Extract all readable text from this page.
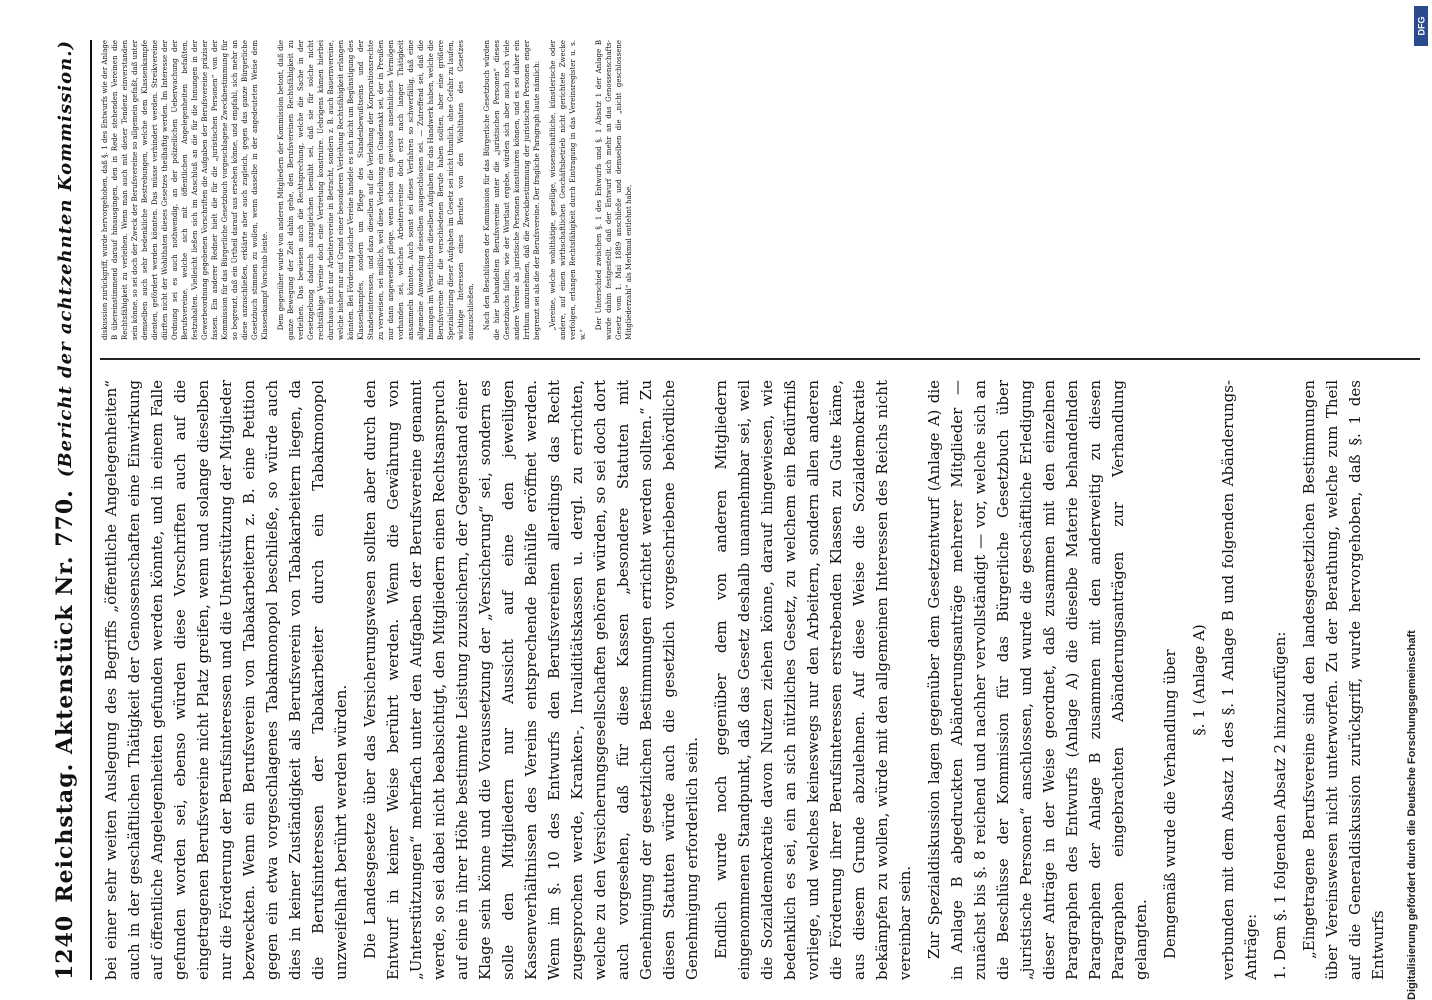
1240
Reichstag. Aktenstück Nr. 770.
(Bericht der achtzehnten Kommission.)

bei einer sehr weiten Auslegung des Begriffs „öffentliche Angelegenheiten“ auch in der geschäftlichen Thätigkeit der Genossenschaften eine Einwirkung auf öffentliche Angelegenheiten gefunden werden könnte, und in einem Falle gefunden worden sei, ebenso würden diese Vorschriften auch auf die eingetragenen Berufsvereine nicht Platz greifen, wenn und solange dieselben nur die Förderung der Berufsinteressen und die Unterstützung der Mitglieder bezweckten. Wenn ein Berufsverein von Tabakarbeitern z. B. eine Petition gegen ein etwa vorgeschlagenes Tabakmonopol beschließe, so würde auch dies in keiner Zuständigkeit als Berufsverein von Tabakarbeitern liegen, da die Berufsinteressen der Tabakarbeiter durch ein Tabakmonopol unzweifelhaft berührt werden würden. Die Landesgesetze über das Versicherungswesen sollten aber durch den Entwurf in keiner Weise berührt werden. Wenn die Gewährung von „Unterstützungen“ mehrfach unter den Aufgaben der Berufsvereine genannt werde, so sei dabei nicht beabsichtigt, den Mitgliedern einen Rechtsanspruch auf eine in ihrer Höhe bestimmte Leistung zuzusichern, der Gegenstand einer Klage sein könne und die Voraussetzung der „Versicherung“ sei, sondern es solle den Mitgliedern nur Aussicht auf eine den jeweiligen Kassenverhältnissen des Vereins entsprechende Beihülfe eröffnet werden. Wenn im §. 10 des Entwurfs den Berufsvereinen allerdings das Recht zugesprochen werde, Kranken-, Invaliditätskassen u. dergl. zu errichten, welche zu den Versicherungsgesellschaften gehören würden, so sei doch dort auch vorgesehen, daß für diese Kassen „besondere Statuten mit Genehmigung der gesetzlichen Bestimmungen errichtet werden sollten.“ Zu diesen Statuten würde auch die gesetzlich vorgeschriebene behördliche Genehmigung erforderlich sein. Endlich wurde noch gegenüber dem von anderen Mitgliedern eingenommenen Standpunkt, daß das Gesetz deshalb unannehmbar sei, weil die Sozialdemokratie davon Nutzen ziehen könne, darauf hingewiesen, wie bedenklich es sei, ein an sich nützliches Gesetz, zu welchem ein Bedürfniß vorliege, und welches keineswegs nur den Arbeitern, sondern allen anderen die Förderung ihrer Berufsinteressen erstrebenden Klassen zu Gute käme, aus diesem Grunde abzulehnen. Auf diese Weise die Sozialdemokratie bekämpfen zu wollen, würde mit den allgemeinen Interessen des Reichs nicht vereinbar sein. Zur Spezialdiskussion lagen gegenüber dem Gesetzentwurf (Anlage A) die in Anlage B abgedruckten Abänderungsanträge mehrerer Mitglieder — zunächst bis §. 8 reichend und nachher vervollständigt — vor, welche sich an die Beschlüsse der Kommission für das Bürgerliche Gesetzbuch über „juristische Personen“ anschlossen, und wurde die geschäftliche Erledigung dieser Anträge in der Weise geordnet, daß zusammen mit den einzelnen Paragraphen des Entwurfs (Anlage A) die dieselbe Materie behandelnden Paragraphen der Anlage B zusammen mit den anderweitig zu diesen Paragraphen eingebrachten Abänderungsanträgen zur Verhandlung gelangten. Demgemäß wurde die Verhandlung über §. 1 (Anlage A) verbunden mit dem Absatz 1 des §. 1 Anlage B und folgenden Abänderungs-Anträge: 1. Dem §. 1 folgenden Absatz 2 hinzuzufügen: „Eingetragene Berufsvereine sind den landesgesetzlichen Bestimmungen über Vereinswesen nicht unterworfen. Zu der Berathung, welche zum Theil auf die Generaldiskussion zurückgriff, wurde hervorgehoben, daß §. 1 des Entwurfs

diskussion zurückgriff, wurde hervorgehoben, daß §. 1 des Entwurfs wie der Anlage B übereinstimmend darauf hinausgingen, den in Rede stehenden Vereinen die Rechtsfähigkeit zu verleihen. Wenn man auch mit dieser Tendenz einverstanden sein könne, so sei doch der Zweck der Berufsvereine so allgemein gefaßt, daß unter demselben auch sehr bedenkliche Bestrebungen, welche dem Klassenkampfe dienten, gefördert werden könnten. Das müsse verhindert werden. Streikvereine dürften nicht der Wohlthaten dieses Gesetzes theilhaftig werden. Im Interesse der Ordnung sei es auch nothwendig, an der polizeilichen Ueberwachung der Berufsvereine, welche sich mit öffentlichen Angelegenheiten befaßten, festzuhalten. Vielleicht ließen sich im Anschluß an die für die Innungen in der Gewerbeordnung gegebenen Vorschriften die Aufgaben der Berufsvereine präziser fassen. Ein anderer Redner hielt die für die „juristischen Personen“ von der Kommission für das Bürgerliche Gesetzbuch vorgeschlagene Zweckbestimmung für so begrenzt, daß ein Urtheil darauf aus ersehen könne, und empfahl, sich mehr an diese anzuschließen, erklärte aber auch zugleich, gegen das ganze Bürgerliche Gesetzbuch stimmen zu wollen, wenn dasselbe in der angedeuteten Weise dem Klassenkampf Vorschub leiste. Dem gegenüber wurde von anderen Mitgliedern der Kommission betont, daß die ganze Bewegung der Zeit dahin gehe, den Berufsvereinen Rechtsfähigkeit zu verleihen. Das bewiesen auch die Rechtsprechung, welche die Sache in der Gesetzgebung dadurch auszugleichen bemüht sei, daß sie für solche nicht rechtsfähige Vereine doch eine Vertretung konstruire. Uebrigens kämen hierbei durchaus nicht nur Arbeitervereine in Betracht, sondern z. B. auch Bauernvereine, welche bisher nur auf Grund einer besonderen Verleihung Rechtsfähigkeit erlangen könnten. Bei Förderung solcher Vereine handele es sich nicht um Begünstigung des Klassenkampfes, sondern um Pflege des Standesbewußtseins und der Standesinteressen, und dazu dieselben auf die Verleihung der Korporationsrechte zu verweisen, sei mißlich, weil diese Verleihung ein Gnadenakt sei, der in Preußen nur dann angewendet pflege, wenn schon ein gewisses ansehnliches Vermögen vorhanden sei, welches Arbeitervereine doch erst nach langer Thätigkeit ansammeln könnten. Auch sonst sei dieses Verfahren so schwerfällig, daß eine allgemeine Anwendung desselben ausgeschlossen sei. — Zutreffend sei, daß die Innungen im Wesentlichen dieselben Aufgaben für das Handwerk haben, welche die Berufsvereine für die verschiedenen Berufe haben sollten, aber eine größere Spezialisirung dieser Aufgaben im Gesetz sei nicht thunlich, ohne Gefahr zu laufen, wichtige Interessen eines Berufes von den Wohlthaten des Gesetzes auszuschließen. Nach den Beschlüssen der Kommission für das Bürgerliche Gesetzbuch würden die hier behandelten Berufsvereine unter die „juristischen Personen“ dieses Gesetzbuchs fallen; wie der Wortlaut ergebe, würden sich aber auch noch viele andere Vereine als juristische Personen konstituiren können, und es sei daher ein Irrthum anzunehmen, daß die Zweckbestimmung der juristischen Personen enger begrenzt sei als die der Berufsvereine. Der fragliche Paragraph laute nämlich: „Vereine, welche wohlthätige, gesellige, wissenschaftliche, künstlerische oder andere, auf einen wirthschaftlichen Geschäftsbetrieb nicht gerichtete Zwecke verfolgen, erlangen Rechtsfähigkeit durch Eintragung in das Vereinsregister u. s. w.“

Der Unterschied zwischen §. 1 des Entwurfs und §. 1 Absatz 1 der Anlage B wurde dahin festgestellt, daß der Entwurf sich mehr an das Genossenschafts-Gesetz vom 1. Mai 1889 anschließe und demselben die „nicht geschlossene Mitgliederzahl“ als Merkmal entlehnt habe,

DFG
Digitalisierung gefördert durch die Deutsche Forschungsgemeinschaft
